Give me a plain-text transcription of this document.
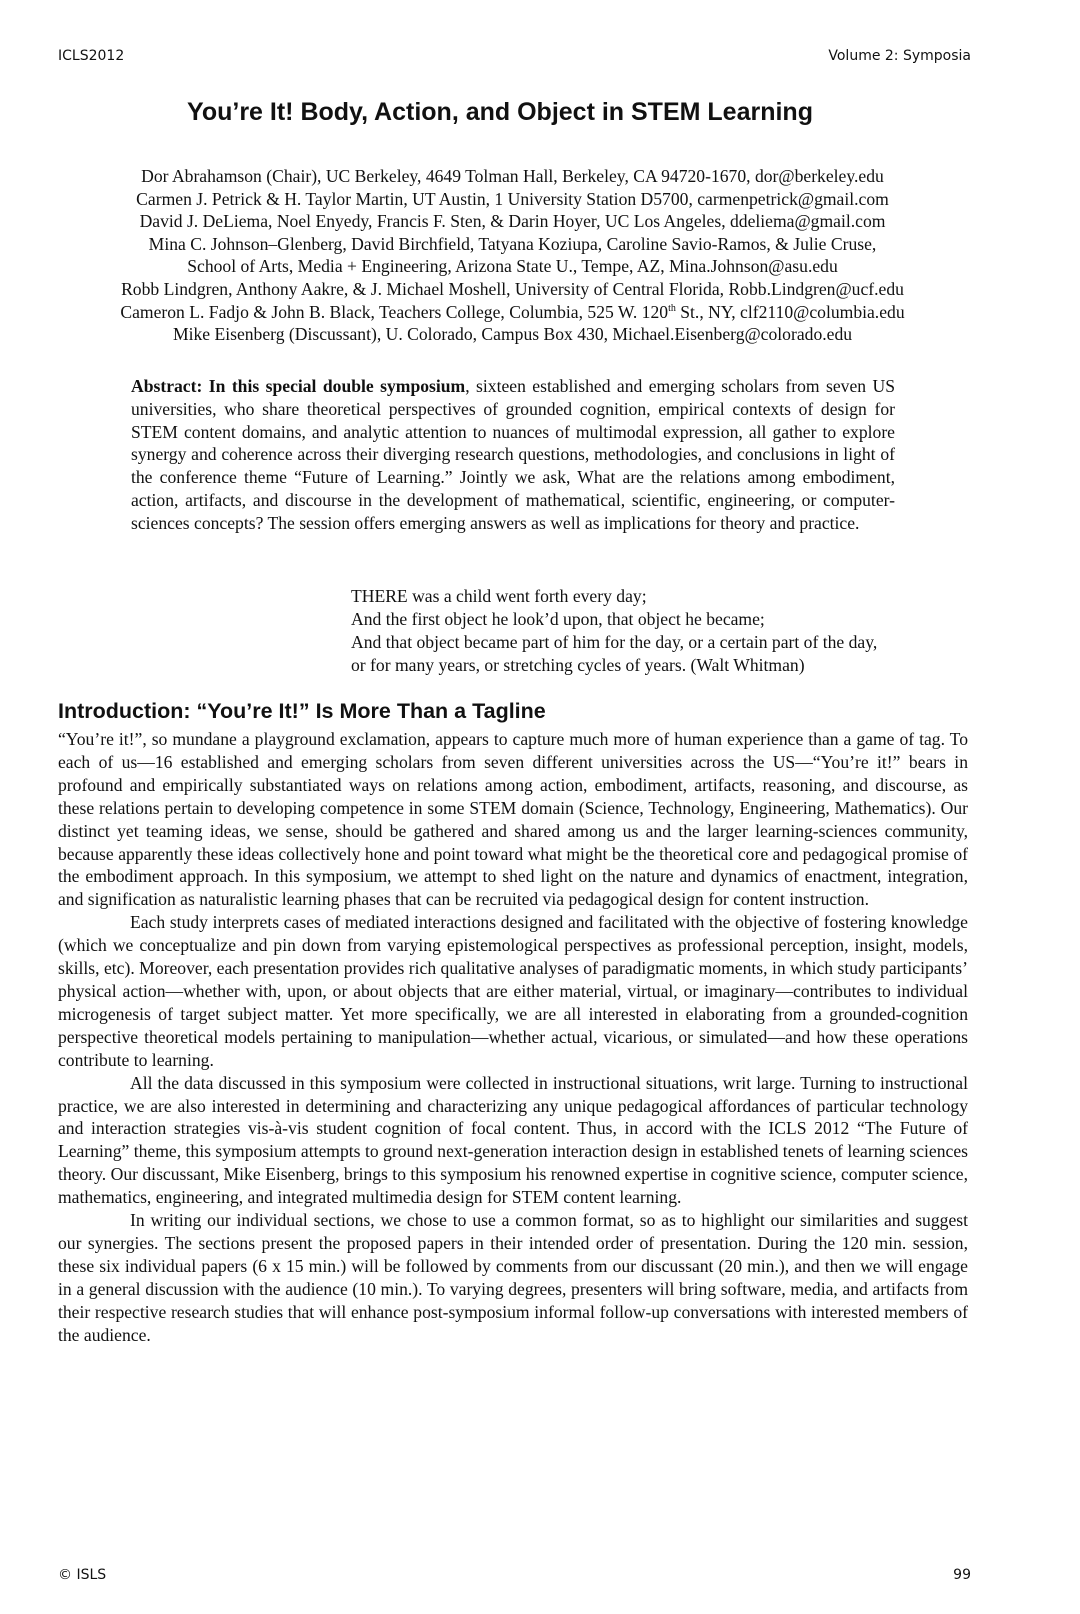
ICLS2012	Volume 2: Symposia
You’re It! Body, Action, and Object in STEM Learning
Dor Abrahamson (Chair), UC Berkeley, 4649 Tolman Hall, Berkeley, CA 94720-1670, dor@berkeley.edu
Carmen J. Petrick & H. Taylor Martin, UT Austin, 1 University Station D5700, carmenpetrick@gmail.com
David J. DeLiema, Noel Enyedy, Francis F. Sten, & Darin Hoyer, UC Los Angeles, ddeliema@gmail.com
Mina C. Johnson–Glenberg, David Birchfield, Tatyana Koziupa, Caroline Savio-Ramos, & Julie Cruse,
School of Arts, Media + Engineering, Arizona State U., Tempe, AZ, Mina.Johnson@asu.edu
Robb Lindgren, Anthony Aakre, & J. Michael Moshell, University of Central Florida, Robb.Lindgren@ucf.edu
Cameron L. Fadjo & John B. Black, Teachers College, Columbia, 525 W. 120th St., NY, clf2110@columbia.edu
Mike Eisenberg (Discussant), U. Colorado, Campus Box 430, Michael.Eisenberg@colorado.edu
Abstract: In this special double symposium, sixteen established and emerging scholars from seven US universities, who share theoretical perspectives of grounded cognition, empirical contexts of design for STEM content domains, and analytic attention to nuances of multimodal expression, all gather to explore synergy and coherence across their diverging research questions, methodologies, and conclusions in light of the conference theme “Future of Learning.” Jointly we ask, What are the relations among embodiment, action, artifacts, and discourse in the development of mathematical, scientific, engineering, or computer-sciences concepts? The session offers emerging answers as well as implications for theory and practice.
THERE was a child went forth every day;
And the first object he look’d upon, that object he became;
And that object became part of him for the day, or a certain part of the day,
or for many years, or stretching cycles of years. (Walt Whitman)
Introduction: “You’re It!” Is More Than a Tagline

“You’re it!”, so mundane a playground exclamation, appears to capture much more of human experience than a game of tag. To each of us—16 established and emerging scholars from seven different universities across the US—“You’re it!” bears in profound and empirically substantiated ways on relations among action, embodiment, artifacts, reasoning, and discourse, as these relations pertain to developing competence in some STEM domain (Science, Technology, Engineering, Mathematics). Our distinct yet teaming ideas, we sense, should be gathered and shared among us and the larger learning-sciences community, because apparently these ideas collectively hone and point toward what might be the theoretical core and pedagogical promise of the embodiment approach. In this symposium, we attempt to shed light on the nature and dynamics of enactment, integration, and signification as naturalistic learning phases that can be recruited via pedagogical design for content instruction.

Each study interprets cases of mediated interactions designed and facilitated with the objective of fostering knowledge (which we conceptualize and pin down from varying epistemological perspectives as professional perception, insight, models, skills, etc). Moreover, each presentation provides rich qualitative analyses of paradigmatic moments, in which study participants’ physical action—whether with, upon, or about objects that are either material, virtual, or imaginary—contributes to individual microgenesis of target subject matter. Yet more specifically, we are all interested in elaborating from a grounded-cognition perspective theoretical models pertaining to manipulation—whether actual, vicarious, or simulated—and how these operations contribute to learning.

All the data discussed in this symposium were collected in instructional situations, writ large. Turning to instructional practice, we are also interested in determining and characterizing any unique pedagogical affordances of particular technology and interaction strategies vis-à-vis student cognition of focal content. Thus, in accord with the ICLS 2012 “The Future of Learning” theme, this symposium attempts to ground next-generation interaction design in established tenets of learning sciences theory. Our discussant, Mike Eisenberg, brings to this symposium his renowned expertise in cognitive science, computer science, mathematics, engineering, and integrated multimedia design for STEM content learning.

In writing our individual sections, we chose to use a common format, so as to highlight our similarities and suggest our synergies. The sections present the proposed papers in their intended order of presentation. During the 120 min. session, these six individual papers (6 x 15 min.) will be followed by comments from our discussant (20 min.), and then we will engage in a general discussion with the audience (10 min.). To varying degrees, presenters will bring software, media, and artifacts from their respective research studies that will enhance post-symposium informal follow-up conversations with interested members of the audience.

© ISLS	99
